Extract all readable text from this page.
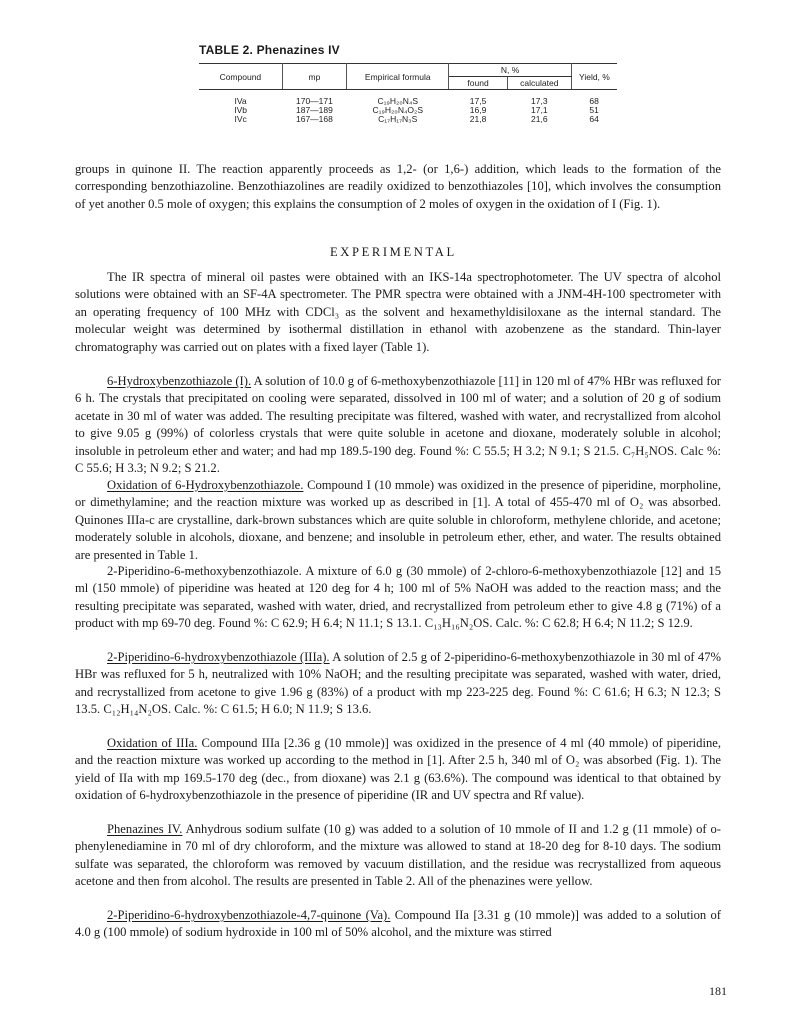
TABLE 2. Phenazines IV
Compound	mp	Empirical formula	N, %		Yield, %
			found	calculated	
IVa	170—171	C₁₉H₂₀N₄S	17,5	17,3	68
IVb	187—189	C₁₉H₂₀N₄O₂S	16,9	17,1	51
IVc	167—168	C₁₇H₁₇N₃S	21,8	21,6	64
groups in quinone II. The reaction apparently proceeds as 1,2- (or 1,6-) addition, which leads to the formation of the corresponding benzothiazoline. Benzothiazolines are readily oxidized to benzothiazoles [10], which involves the consumption of yet another 0.5 mole of oxygen; this explains the consumption of 2 moles of oxygen in the oxidation of I (Fig. 1).
EXPERIMENTAL
The IR spectra of mineral oil pastes were obtained with an IKS-14a spectrophotometer. The UV spectra of alcohol solutions were obtained with an SF-4A spectrometer. The PMR spectra were obtained with a JNM-4H-100 spectrometer with an operating frequency of 100 MHz with CDCl₃ as the solvent and hexamethyldisiloxane as the internal standard. The molecular weight was determined by isothermal distillation in ethanol with azobenzene as the standard. Thin-layer chromatography was carried out on plates with a fixed layer (Table 1).
6-Hydroxybenzothiazole (I). A solution of 10.0 g of 6-methoxybenzothiazole [11] in 120 ml of 47% HBr was refluxed for 6 h. The crystals that precipitated on cooling were separated, dissolved in 100 ml of water; and a solution of 20 g of sodium acetate in 30 ml of water was added. The resulting precipitate was filtered, washed with water, and recrystallized from alcohol to give 9.05 g (99%) of colorless crystals that were quite soluble in acetone and dioxane, moderately soluble in alcohol; insoluble in petroleum ether and water; and had mp 189.5-190 deg. Found %: C 55.5; H 3.2; N 9.1; S 21.5. C₇H₅NOS. Calc %: C 55.6; H 3.3; N 9.2; S 21.2.
Oxidation of 6-Hydroxybenzothiazole. Compound I (10 mmole) was oxidized in the presence of piperidine, morpholine, or dimethylamine; and the reaction mixture was worked up as described in [1]. A total of 455-470 ml of O₂ was absorbed. Quinones IIIa-c are crystalline, dark-brown substances which are quite soluble in chloroform, methylene chloride, and acetone; moderately soluble in alcohols, dioxane, and benzene; and insoluble in petroleum ether, ether, and water. The results obtained are presented in Table 1.
2-Piperidino-6-methoxybenzothiazole. A mixture of 6.0 g (30 mmole) of 2-chloro-6-methoxybenzothiazole [12] and 15 ml (150 mmole) of piperidine was heated at 120 deg for 4 h; 100 ml of 5% NaOH was added to the reaction mass; and the resulting precipitate was separated, washed with water, dried, and recrystallized from petroleum ether to give 4.8 g (71%) of a product with mp 69-70 deg. Found %: C 62.9; H 6.4; N 11.1; S 13.1. C₁₃H₁₆N₂OS. Calc. %: C 62.8; H 6.4; N 11.2; S 12.9.
2-Piperidino-6-hydroxybenzothiazole (IIIa). A solution of 2.5 g of 2-piperidino-6-methoxybenzothiazole in 30 ml of 47% HBr was refluxed for 5 h, neutralized with 10% NaOH; and the resulting precipitate was separated, washed with water, dried, and recrystallized from acetone to give 1.96 g (83%) of a product with mp 223-225 deg. Found %: C 61.6; H 6.3; N 12.3; S 13.5. C₁₂H₁₄N₂OS. Calc. %: C 61.5; H 6.0; N 11.9; S 13.6.
Oxidation of IIIa. Compound IIIa [2.36 g (10 mmole)] was oxidized in the presence of 4 ml (40 mmole) of piperidine, and the reaction mixture was worked up according to the method in [1]. After 2.5 h, 340 ml of O₂ was absorbed (Fig. 1). The yield of IIa with mp 169.5-170 deg (dec., from dioxane) was 2.1 g (63.6%). The compound was identical to that obtained by oxidation of 6-hydroxybenzothiazole in the presence of piperidine (IR and UV spectra and Rf value).
Phenazines IV. Anhydrous sodium sulfate (10 g) was added to a solution of 10 mmole of II and 1.2 g (11 mmole) of o-phenylenediamine in 70 ml of dry chloroform, and the mixture was allowed to stand at 18-20 deg for 8-10 days. The sodium sulfate was separated, the chloroform was removed by vacuum distillation, and the residue was recrystallized from aqueous acetone and then from alcohol. The results are presented in Table 2. All of the phenazines were yellow.
2-Piperidino-6-hydroxybenzothiazole-4,7-quinone (Va). Compound IIa [3.31 g (10 mmole)] was added to a solution of 4.0 g (100 mmole) of sodium hydroxide in 100 ml of 50% alcohol, and the mixture was stirred
181
